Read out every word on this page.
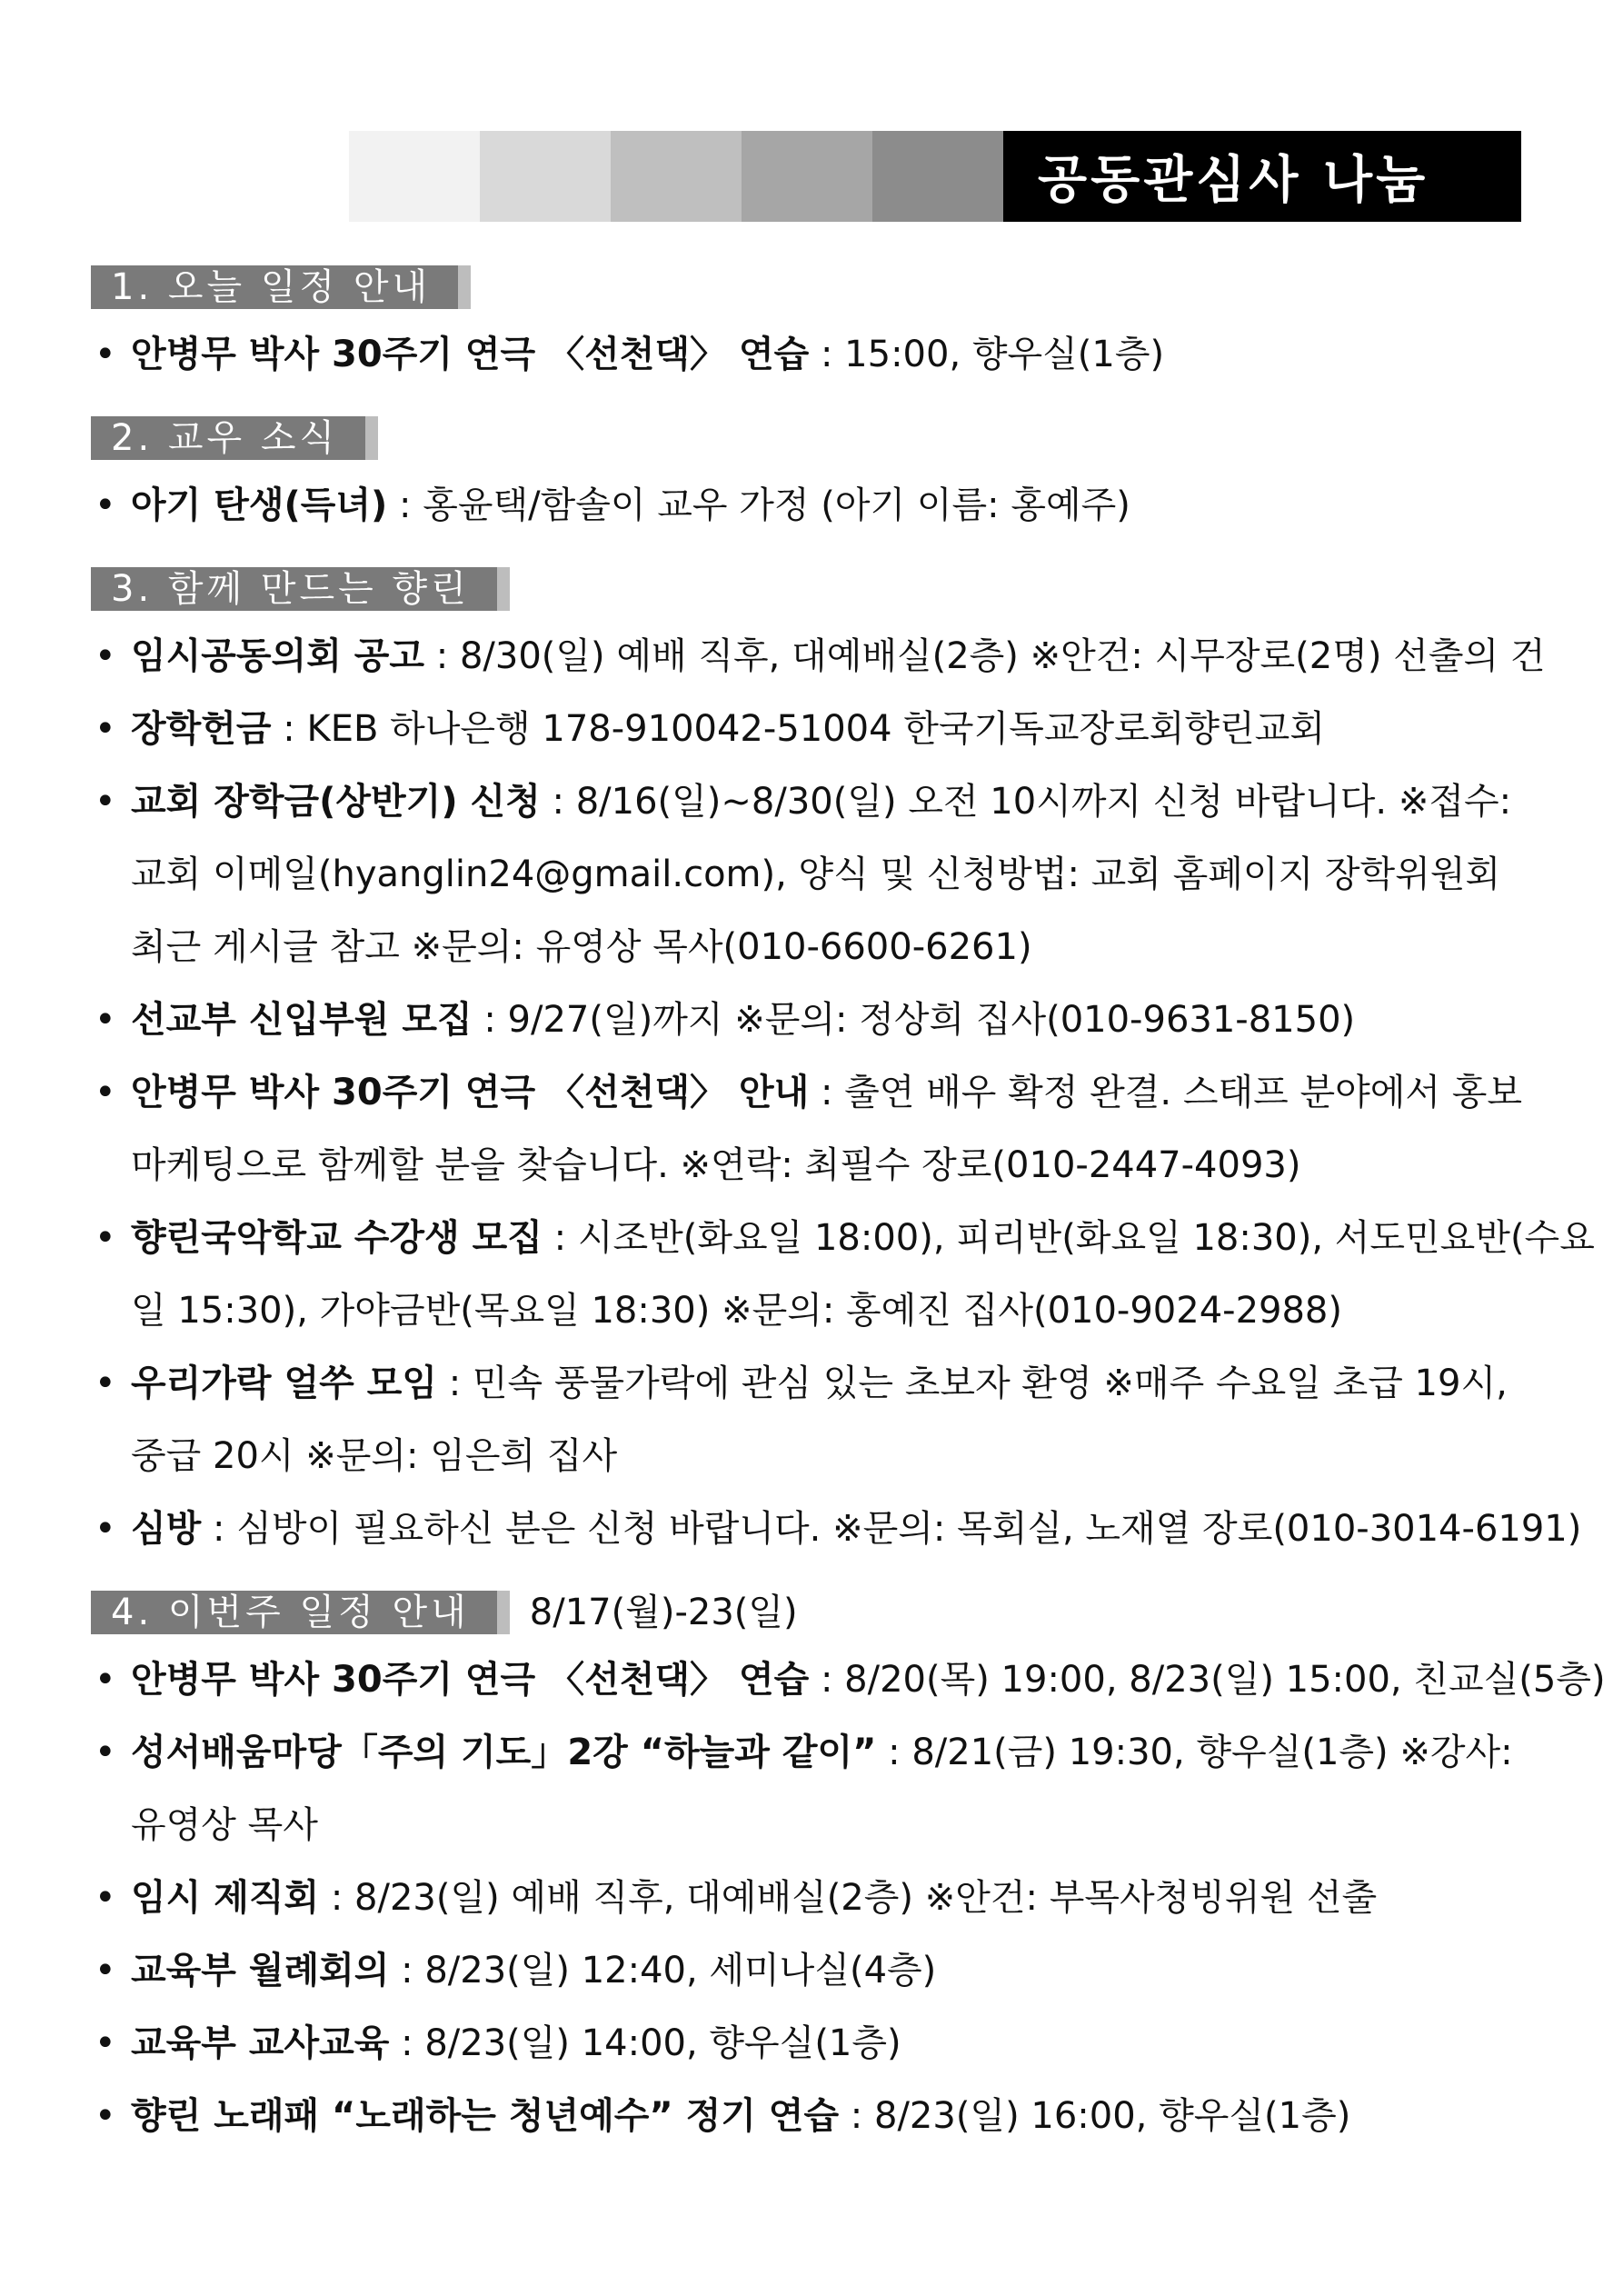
공동관심사 나눔
1. 오늘 일정 안내
• 안병무 박사 30주기 연극 〈선천댁〉 연습 : 15:00, 향우실(1층)
2. 교우 소식
• 아기 탄생(득녀) : 홍윤택/함솔이 교우 가정 (아기 이름: 홍예주)
3. 함께 만드는 향린
• 임시공동의회 공고 : 8/30(일) 예배 직후, 대예배실(2층) ※안건: 시무장로(2명) 선출의 건
• 장학헌금 : KEB 하나은행 178-910042-51004 한국기독교장로회향린교회
• 교회 장학금(상반기) 신청 : 8/16(일)~8/30(일) 오전 10시까지 신청 바랍니다. ※접수:
교회 이메일(hyanglin24@gmail.com), 양식 및 신청방법: 교회 홈페이지 장학위원회
최근 게시글 참고 ※문의: 유영상 목사(010-6600-6261)
• 선교부 신입부원 모집 : 9/27(일)까지 ※문의: 정상희 집사(010-9631-8150)
• 안병무 박사 30주기 연극 〈선천댁〉 안내 : 출연 배우 확정 완결. 스태프 분야에서 홍보
마케팅으로 함께할 분을 찾습니다. ※연락: 최필수 장로(010-2447-4093)
• 향린국악학교 수강생 모집 : 시조반(화요일 18:00), 피리반(화요일 18:30), 서도민요반(수요
일 15:30), 가야금반(목요일 18:30) ※문의: 홍예진 집사(010-9024-2988)
• 우리가락 얼쑤 모임 : 민속 풍물가락에 관심 있는 초보자 환영 ※매주 수요일 초급 19시,
중급 20시 ※문의: 임은희 집사
• 심방 : 심방이 필요하신 분은 신청 바랍니다. ※문의: 목회실, 노재열 장로(010-3014-6191)
4. 이번주 일정 안내	8/17(월)-23(일)
• 안병무 박사 30주기 연극 〈선천댁〉 연습 : 8/20(목) 19:00, 8/23(일) 15:00, 친교실(5층)
• 성서배움마당「주의 기도」2강 “하늘과 같이” : 8/21(금) 19:30, 향우실(1층) ※강사:
유영상 목사
• 임시 제직회 : 8/23(일) 예배 직후, 대예배실(2층) ※안건: 부목사청빙위원 선출
• 교육부 월례회의 : 8/23(일) 12:40, 세미나실(4층)
• 교육부 교사교육 : 8/23(일) 14:00, 향우실(1층)
• 향린 노래패 “노래하는 청년예수” 정기 연습 : 8/23(일) 16:00, 향우실(1층)
